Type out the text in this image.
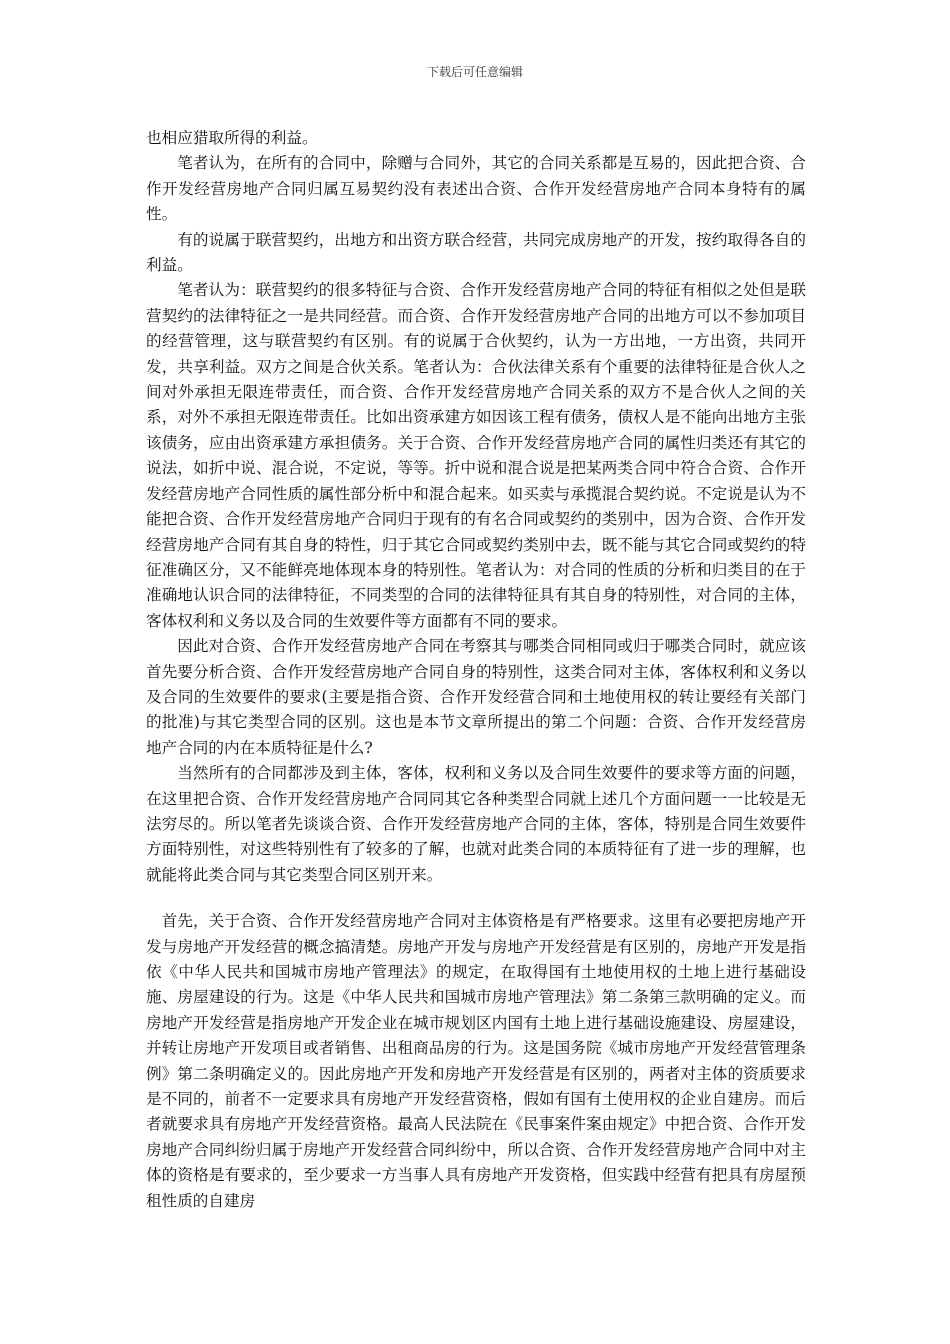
下载后可任意编辑

也相应猎取所得的利益。

笔者认为，在所有的合同中，除赠与合同外，其它的合同关系都是互易的，因此把合资、合作开发经营房地产合同归属互易契约没有表述出合资、合作开发经营房地产合同本身特有的属性。

有的说属于联营契约，出地方和出资方联合经营，共同完成房地产的开发，按约取得各自的利益。

笔者认为：联营契约的很多特征与合资、合作开发经营房地产合同的特征有相似之处但是联营契约的法律特征之一是共同经营。而合资、合作开发经营房地产合同的出地方可以不参加项目的经营管理，这与联营契约有区别。有的说属于合伙契约，认为一方出地，一方出资，共同开发，共享利益。双方之间是合伙关系。笔者认为：合伙法律关系有个重要的法律特征是合伙人之间对外承担无限连带责任，而合资、合作开发经营房地产合同关系的双方不是合伙人之间的关系，对外不承担无限连带责任。比如出资承建方如因该工程有债务，债权人是不能向出地方主张该债务，应由出资承建方承担债务。关于合资、合作开发经营房地产合同的属性归类还有其它的说法，如折中说、混合说，不定说，等等。折中说和混合说是把某两类合同中符合合资、合作开发经营房地产合同性质的属性部分析中和混合起来。如买卖与承揽混合契约说。不定说是认为不能把合资、合作开发经营房地产合同归于现有的有名合同或契约的类别中，因为合资、合作开发经营房地产合同有其自身的特性，归于其它合同或契约类别中去，既不能与其它合同或契约的特征准确区分，又不能鲜亮地体现本身的特别性。笔者认为：对合同的性质的分析和归类目的在于准确地认识合同的法律特征，不同类型的合同的法律特征具有其自身的特别性，对合同的主体，客体权利和义务以及合同的生效要件等方面都有不同的要求。

因此对合资、合作开发经营房地产合同在考察其与哪类合同相同或归于哪类合同时，就应该首先要分析合资、合作开发经营房地产合同自身的特别性，这类合同对主体，客体权利和义务以及合同的生效要件的要求(主要是指合资、合作开发经营合同和土地使用权的转让要经有关部门的批准)与其它类型合同的区别。这也是本节文章所提出的第二个问题：合资、合作开发经营房地产合同的内在本质特征是什么?

当然所有的合同都涉及到主体，客体，权利和义务以及合同生效要件的要求等方面的问题，在这里把合资、合作开发经营房地产合同同其它各种类型合同就上述几个方面问题一一比较是无法穷尽的。所以笔者先谈谈合资、合作开发经营房地产合同的主体，客体，特别是合同生效要件方面特别性，对这些特别性有了较多的了解，也就对此类合同的本质特征有了进一步的理解，也就能将此类合同与其它类型合同区别开来。

首先，关于合资、合作开发经营房地产合同对主体资格是有严格要求。这里有必要把房地产开发与房地产开发经营的概念搞清楚。房地产开发与房地产开发经营是有区别的，房地产开发是指依《中华人民共和国城市房地产管理法》的规定，在取得国有土地使用权的土地上进行基础设施、房屋建设的行为。这是《中华人民共和国城市房地产管理法》第二条第三款明确的定义。而房地产开发经营是指房地产开发企业在城市规划区内国有土地上进行基础设施建设、房屋建设，并转让房地产开发项目或者销售、出租商品房的行为。这是国务院《城市房地产开发经营管理条例》第二条明确定义的。因此房地产开发和房地产开发经营是有区别的，两者对主体的资质要求是不同的，前者不一定要求具有房地产开发经营资格，假如有国有土使用权的企业自建房。而后者就要求具有房地产开发经营资格。最高人民法院在《民事案件案由规定》中把合资、合作开发房地产合同纠纷归属于房地产开发经营合同纠纷中，所以合资、合作开发经营房地产合同中对主体的资格是有要求的，至少要求一方当事人具有房地产开发资格，但实践中经营有把具有房屋预租性质的自建房
